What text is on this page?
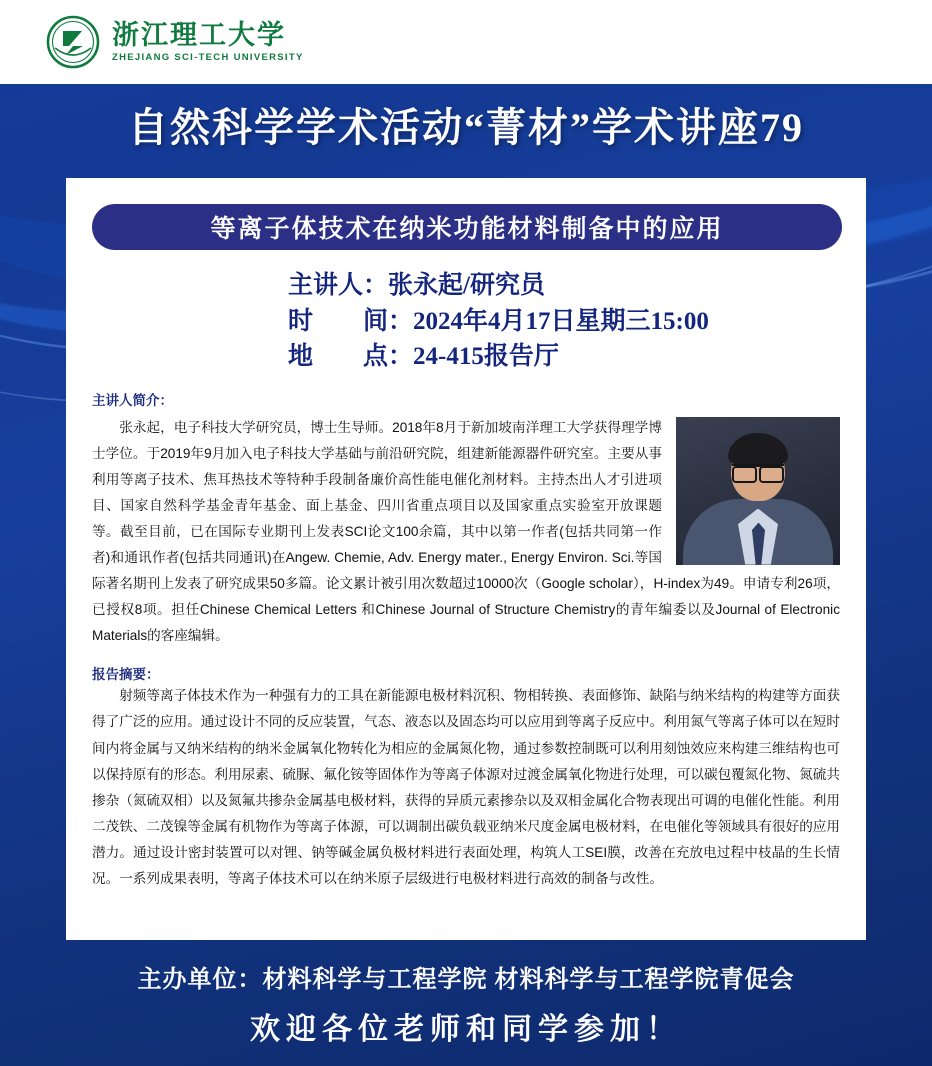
浙江理工大学
ZHEJIANG SCI-TECH UNIVERSITY
自然科学学术活动“菁材”学术讲座79
等离子体技术在纳米功能材料制备中的应用
主讲人：张永起/研究员
时　　间：2024年4月17日星期三15:00
地　　点：24-415报告厅
主讲人简介：
张永起，电子科技大学研究员，博士生导师。2018年8月于新加坡南洋理工大学获得理学博士学位。于2019年9月加入电子科技大学基础与前沿研究院，组建新能源器件研究室。主要从事利用等离子技术、焦耳热技术等特种手段制备廉价高性能电催化剂材料。主持杰出人才引进项目、国家自然科学基金青年基金、面上基金、四川省重点项目以及国家重点实验室开放课题等。截至目前，已在国际专业期刊上发表SCI论文100余篇，其中以第一作者(包括共同第一作者)和通讯作者(包括共同通讯)在Angew. Chemie, Adv. Energy mater., Energy Environ. Sci.等国际著名期刊上发表了研究成果50多篇。论文累计被引用次数超过10000次（Google scholar），H-index为49。申请专利26项，已授权8项。担任Chinese Chemical Letters 和Chinese Journal of Structure Chemistry的青年编委以及Journal of Electronic Materials的客座编辑。
报告摘要：
射频等离子体技术作为一种强有力的工具在新能源电极材料沉积、物相转换、表面修饰、缺陷与纳米结构的构建等方面获得了广泛的应用。通过设计不同的反应装置，气态、液态以及固态均可以应用到等离子反应中。利用氮气等离子体可以在短时间内将金属与又纳米结构的纳米金属氧化物转化为相应的金属氮化物，通过参数控制既可以利用刻蚀效应来构建三维结构也可以保持原有的形态。利用尿素、硫脲、氟化铵等固体作为等离子体源对过渡金属氧化物进行处理，可以碳包覆氮化物、氮硫共掺杂（氮硫双相）以及氮氟共掺杂金属基电极材料，获得的异质元素掺杂以及双相金属化合物表现出可调的电催化性能。利用二茂铁、二茂镍等金属有机物作为等离子体源，可以调制出碳负载亚纳米尺度金属电极材料，在电催化等领域具有很好的应用潜力。通过设计密封装置可以对锂、钠等碱金属负极材料进行表面处理，构筑人工SEI膜，改善在充放电过程中枝晶的生长情况。一系列成果表明，等离子体技术可以在纳米原子层级进行电极材料进行高效的制备与改性。
主办单位：材料科学与工程学院 材料科学与工程学院青促会
欢迎各位老师和同学参加！
